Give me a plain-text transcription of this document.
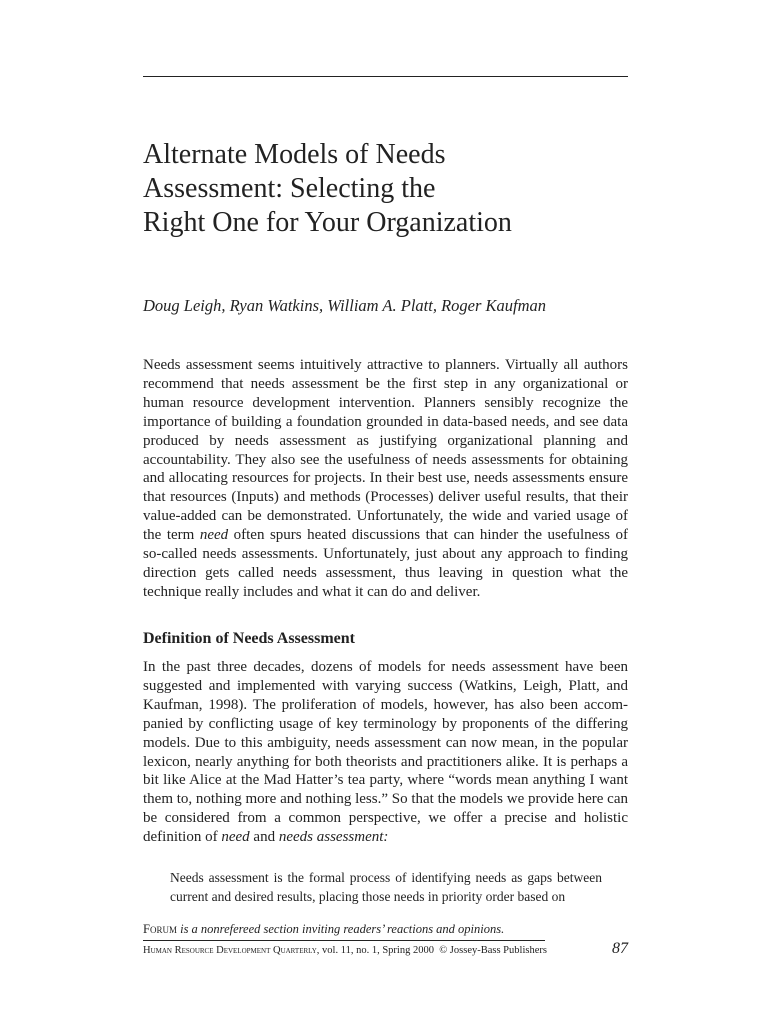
Alternate Models of Needs
Assessment: Selecting the
Right One for Your Organization
Doug Leigh, Ryan Watkins, William A. Platt, Roger Kaufman

Needs assessment seems intuitively attractive to planners. Virtually all authors recommend that needs assessment be the first step in any organizational or human resource development intervention. Planners sensibly recognize the importance of building a foundation grounded in data-based needs, and see data produced by needs assessment as justifying organizational planning and accountability. They also see the usefulness of needs assessments for obtaining and allocating resources for projects. In their best use, needs assessments ensure that resources (Inputs) and methods (Processes) deliver useful results, that their value-added can be demonstrated. Unfortunately, the wide and varied usage of the term need often spurs heated discussions that can hinder the usefulness of so-called needs assessments. Unfortunately, just about any approach to finding direction gets called needs assessment, thus leaving in question what the technique really includes and what it can do and deliver.

Definition of Needs Assessment

In the past three decades, dozens of models for needs assessment have been suggested and implemented with varying success (Watkins, Leigh, Platt, and Kaufman, 1998). The proliferation of models, however, has also been accompanied by conflicting usage of key terminology by proponents of the differing models. Due to this ambiguity, needs assessment can now mean, in the popular lexicon, nearly anything for both theorists and practitioners alike. It is perhaps a bit like Alice at the Mad Hatter’s tea party, where “words mean anything I want them to, nothing more and nothing less.” So that the models we provide here can be considered from a common perspective, we offer a precise and holistic definition of need and needs assessment:

Needs assessment is the formal process of identifying needs as gaps between current and desired results, placing those needs in priority order based on

Forum is a nonrefereed section inviting readers’ reactions and opinions.
Human Resource Development Quarterly, vol. 11, no. 1, Spring 2000 © Jossey-Bass Publishers	87
